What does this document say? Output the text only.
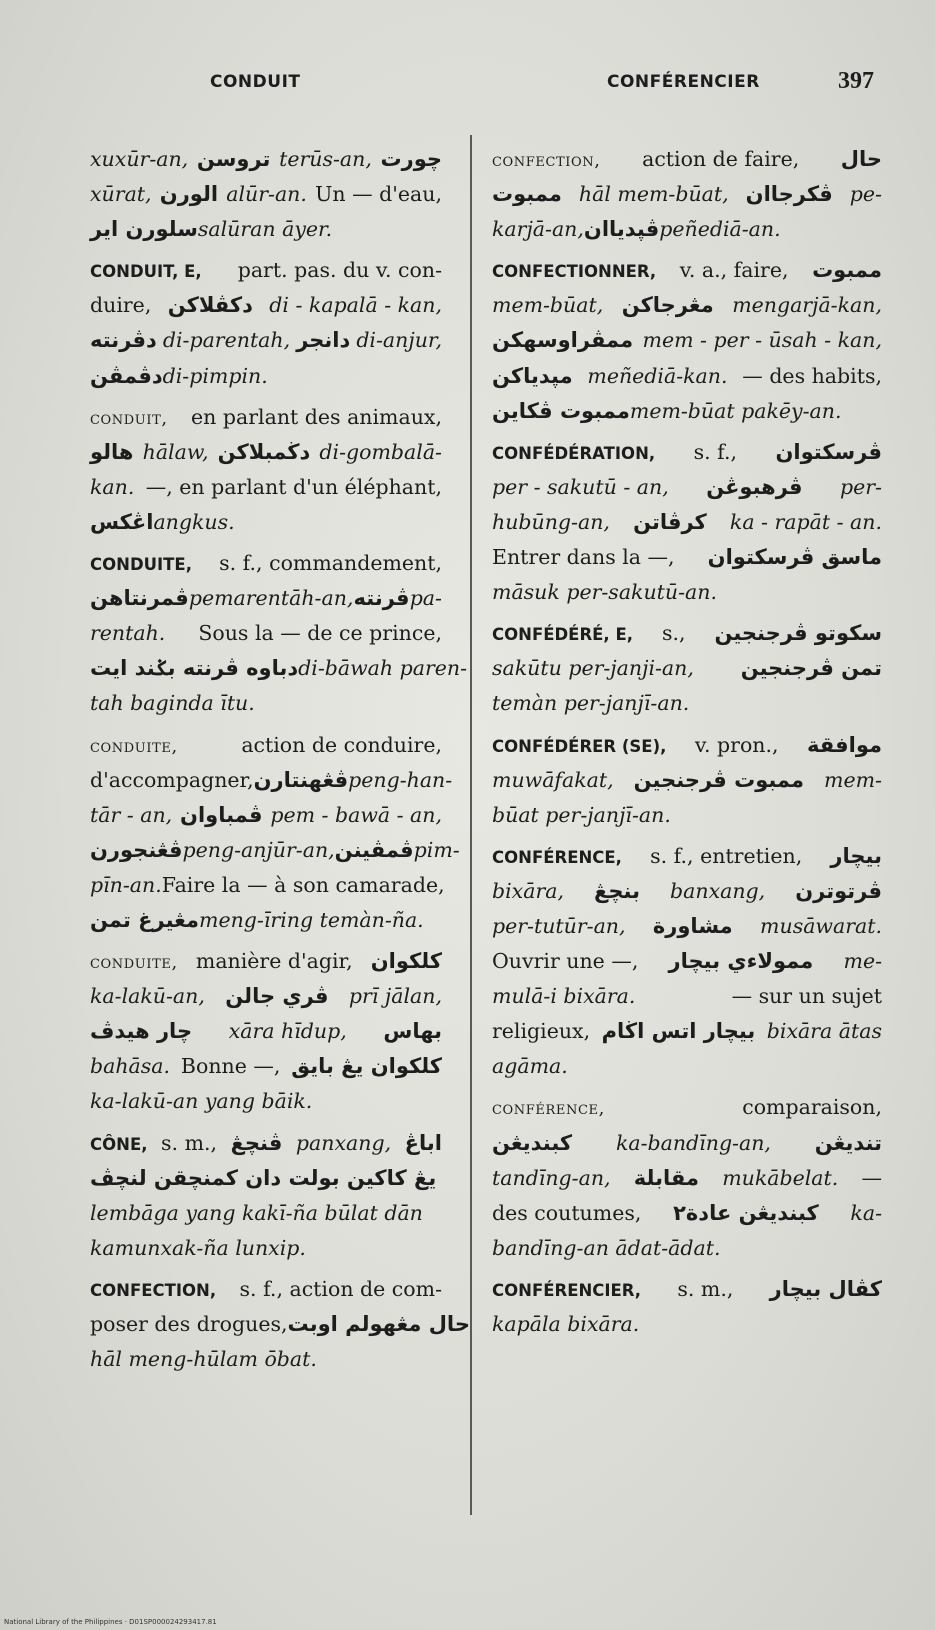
CONDUIT	CONFÉRENCIER	397
xuxūr-an, ترو‌سن terūs-an, چورت
xūrat, الورن alūr-an. Un — d'eau,
سلورن اير salūran āyer.
CONDUIT, E, part. pas. du v. con-
duire, دكڤلاكن di - kapalā - kan,
دڤرنته di-parentah, دانجر di-anjur,
دڤمڤن di-pimpin.
conduit, en parlant des animaux,
هالو hālaw, دڬمبلاكن di-gombalā-
kan. —, en parlant d'un éléphant,
اڠكس angkus.
CONDUITE, s. f., commandement,
ڤمرنتاهن pemarentāh-an, ڤرنته pa-
rentah. Sous la — de ce prince,
دباوه ڤرنته بݢند ايت di-bāwah paren-
tah baginda ītu.
conduite,	action de conduire,
d'accompagner, ڤڠهنتارن peng-han-
tār - an, ڤمباوان pem - bawā - an,
ڤڠنجورن peng-anjūr-an, ڤمڤينن pim-
pīn-an. Faire la — à son camarade,
مڠيرغ تمن meng-īring temàn-ña.
conduite, manière d'agir, كلكوان
ka-lakū-an, ڤري جالن prī jālan,
چار هيدڤ xāra hīdup, بهاس
bahāsa. Bonne —, كلكوان يڠ بايق
ka-lakū-an yang bāik.
CÔNE, s. m., ڤنچڠ panxang, اباڠ
يڠ كاكين بولت دان كمنچقن لنچڤ
lembāga yang kakī-ña būlat dān
kamunxak-ña lunxip.
CONFECTION, s. f., action de com-
poser des drogues, حال مڠهولم اوبت
hāl meng-hūlam ōbat.
confection, action de faire, حال
ممبوت hāl mem-būat, ڤكرجاان pe-
karjā-an, ڤڽدياان peñediā-an.
CONFECTIONNER, v. a., faire, ممبوت
mem-būat, مڠرجاكن mengarjā-kan,
ممڤراوسهكن mem - per - ūsah - kan,
مڽدياكن meñediā-kan. — des habits,
ممبوت ڤكاين mem-būat pakēy-an.
CONFÉDÉRATION, s. f., ڤرسكتوان
per - sakutū - an, ڤرهبوڠن per-
hubūng-an, كرڤاتن ka - rapāt - an.
Entrer dans la —, ماسق ڤرسكتوان
māsuk per-sakutū-an.
CONFÉDÉRÉ, E, s., سكوتو ڤرجنجين
sakūtu per-janji-an, تمن ڤرجنجين
temàn per-janjī-an.
CONFÉDÉRER (SE), v. pron., موافقة
muwāfakat, ممبوت ڤرجنجين mem-
būat per-janjī-an.
CONFÉRENCE, s. f., entretien, بيچار
bixāra, بنچڠ banxang, ڤرتوترن
per-tutūr-an, مشاورة musāwarat.
Ouvrir une —, ممولاءي بيچار me-
mulā-i bixāra.	— sur un sujet
religieux, بيچار اتس اڬام bixāra ātas
agāma.
conférence,	comparaison,
كبنديڠن ka-bandīng-an, تنديڠن
tandīng-an, مقابلة mukābelat. —
des coutumes, كبنديڠن عادة٢ ka-
bandīng-an ādat-ādat.
CONFÉRENCIER, s. m., كڤال بيچار
kapāla bixāra.
National Library of the Philippines · D01SP000024293417.81
